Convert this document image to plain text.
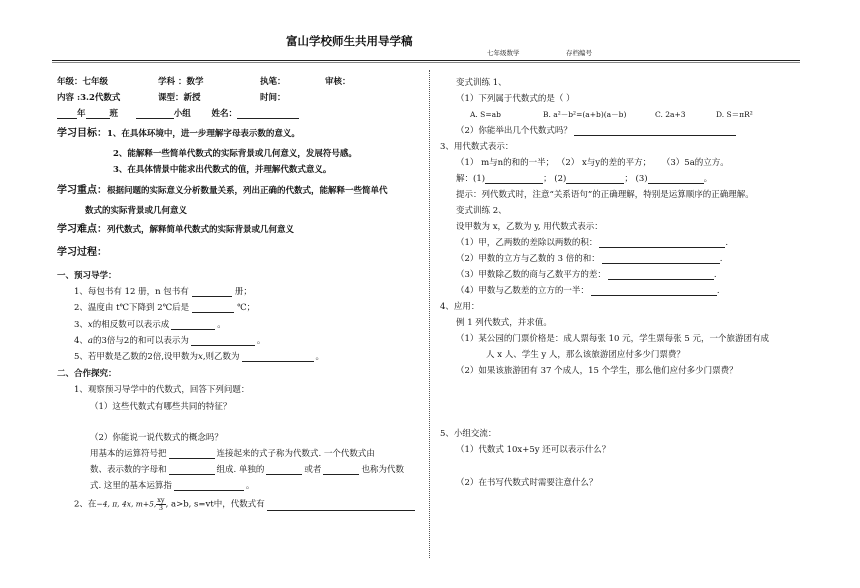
富山学校师生共用导学稿
七年级数学	存档编号
年级：七年级	学科 ：数学	执笔：	审核：
内容 :3.2代数式	课型：新授	时间：
年	班	小组 姓名：
学习目标：1、在具体环境中，进一步理解字母表示数的意义。
2、能解释一些简单代数式的实际背景或几何意义，发展符号感。
3、在具体情景中能求出代数式的值，并理解代数式意义。
学习重点：根据问题的实际意义分析数量关系，列出正确的代数式，能解释一些简单代
数式的实际背景或几何意义
学习难点：列代数式，解释简单代数式的实际背景或几何意义
学习过程：
一、预习导学：
1、每包书有 12 册，n 包书有	册；
2、温度由 t℃下降到 2℃后是	℃；
3、x的相反数可以表示成	。
4、a的3倍与2的和可以表示为	。
5、若甲数是乙数的2倍,设甲数为x,则乙数为	。
二、合作探究：
1、观察预习导学中的代数式，回答下列问题：
（1）这些代数式有哪些共同的特征？
（2）你能说一说代数式的概念吗？
用基本的运算符号把	连接起来的式子称为代数式. 一个代数式由
数、表示数的字母和	组成. 单独的	或者	也称为代数
式. 这里的基本运算指	。
2、在−4, π, 4x, m+5, $\frac{xy}{3}$ , a>b, s=vt中，代数式有
变式训练 1、
（1）下列属于代数式的是（ ）
A. S=ab	B. a²－b²=(a+b)(a－b)	C. 2a+3	D. S＝πR²
（2）你能举出几个代数式吗？
3、用代数式表示：
（1） m与n的和的一半； （2） x与y的差的平方； （3）5a的立方。
解：(1)	； (2)	； (3)	。
提示：列代数式时，注意“关系语句”的正确理解，特别是运算顺序的正确理解。
变式训练 2、
设甲数为 x，乙数为 y, 用代数式表示：
（1）甲，乙两数的差除以两数的积：	.
（2）甲数的立方与乙数的 3 倍的和：	.
（3）甲数除乙数的商与乙数平方的差：	.
（4）甲数与乙数差的立方的一半：	.
4、应用：
例 1 列代数式，并求值。
（1）某公园的门票价格是：成人票每张 10 元，学生票每张 5 元，一个旅游团有成
人 x 人、学生 y 人，那么该旅游团应付多少门票费？
（2）如果该旅游团有 37 个成人，15 个学生，那么他们应付多少门票费？
5、小组交流：
（1）代数式 10x+5y 还可以表示什么？
（2）在书写代数式时需要注意什么？
